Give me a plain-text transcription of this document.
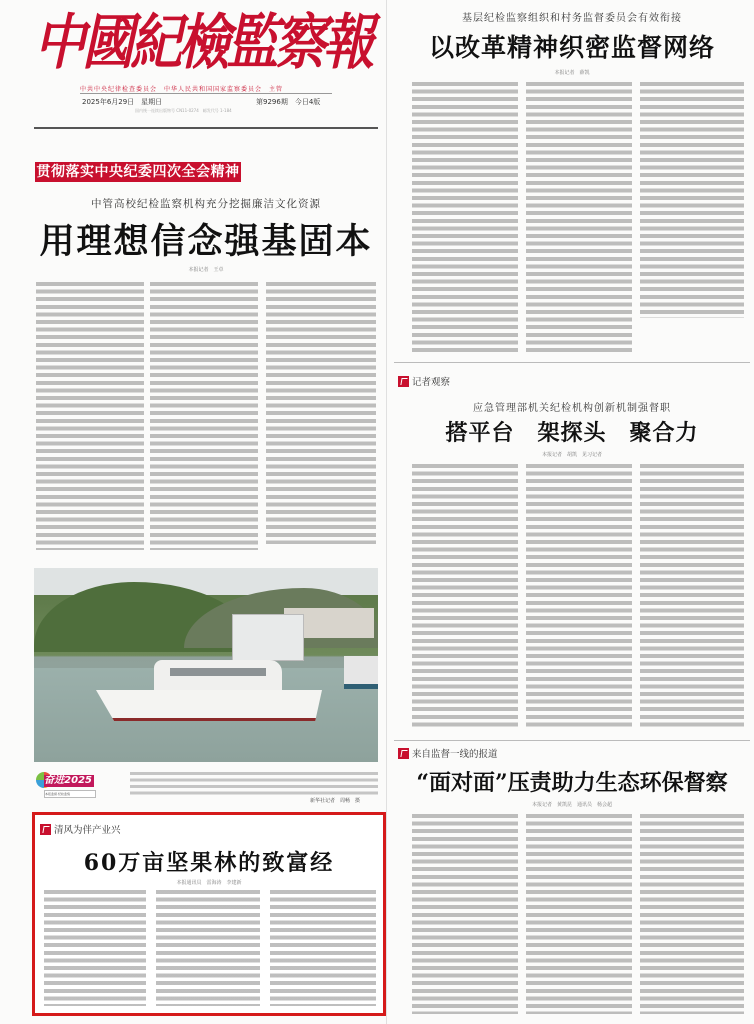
中國紀檢監察報
中共中央纪律检查委员会　中华人民共和国国家监察委员会　主管
2025年6月29日　星期日	第9296期　今日4版
国内统一连续出版物号 CN11-0274　邮发代号 1-184
贯彻落实中央纪委四次全会精神
中管高校纪检监察机构充分挖掘廉洁文化资源
用理想信念强基固本
本报记者　王卓
奋进2025
本报监督·纪检监察
新华社记者　周畅　摄
清风为伴产业兴
60万亩坚果林的致富经
本报通讯员　雷海涛　李建新
基层纪检监察组织和村务监督委员会有效衔接
以改革精神织密监督网络
本报记者　薛凯
记者观察
应急管理部机关纪检机构创新机制强督职
搭平台　架探头　聚合力
本报记者　胡凯　见习记者
来自监督一线的报道
“面对面”压责助力生态环保督察
本报记者　黄凯昆　通讯员　杨会超
